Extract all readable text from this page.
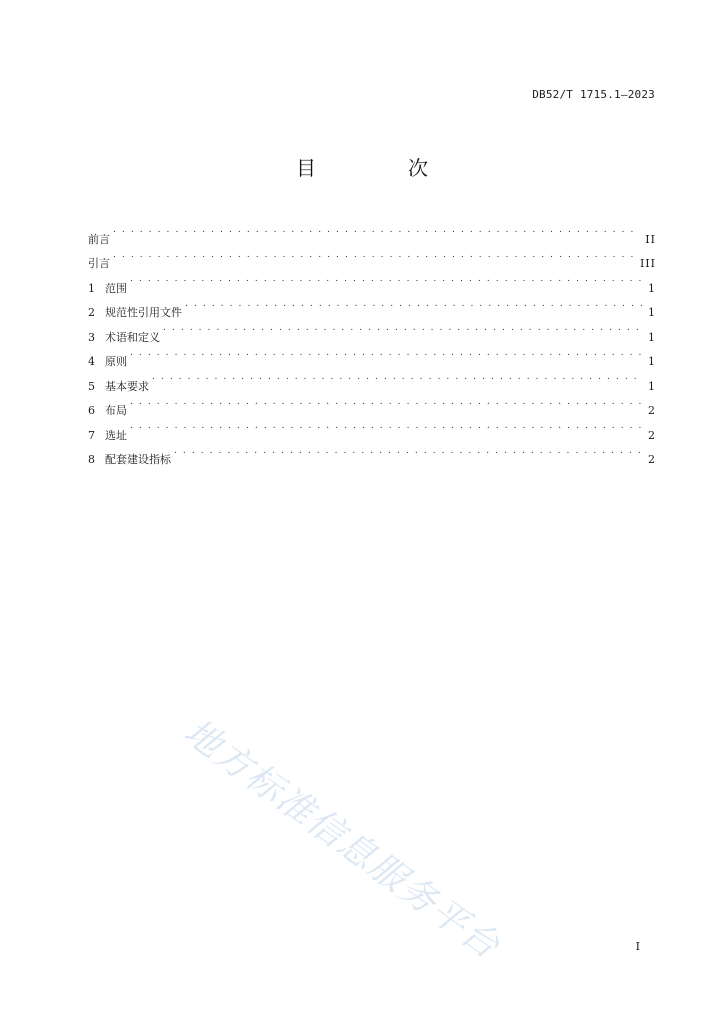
DB52/T 1715.1—2023
目　次
前言 . . .	II
引言 . . .	III
1 范围 . . .	1
2 规范性引用文件 . . .	1
3 术语和定义 . . .	1
4 原则 . . .	1
5 基本要求 . . .	1
6 布局 . . .	2
7 选址 . . .	2
8 配套建设指标 . . .	2
地方标准信息服务平台	I
